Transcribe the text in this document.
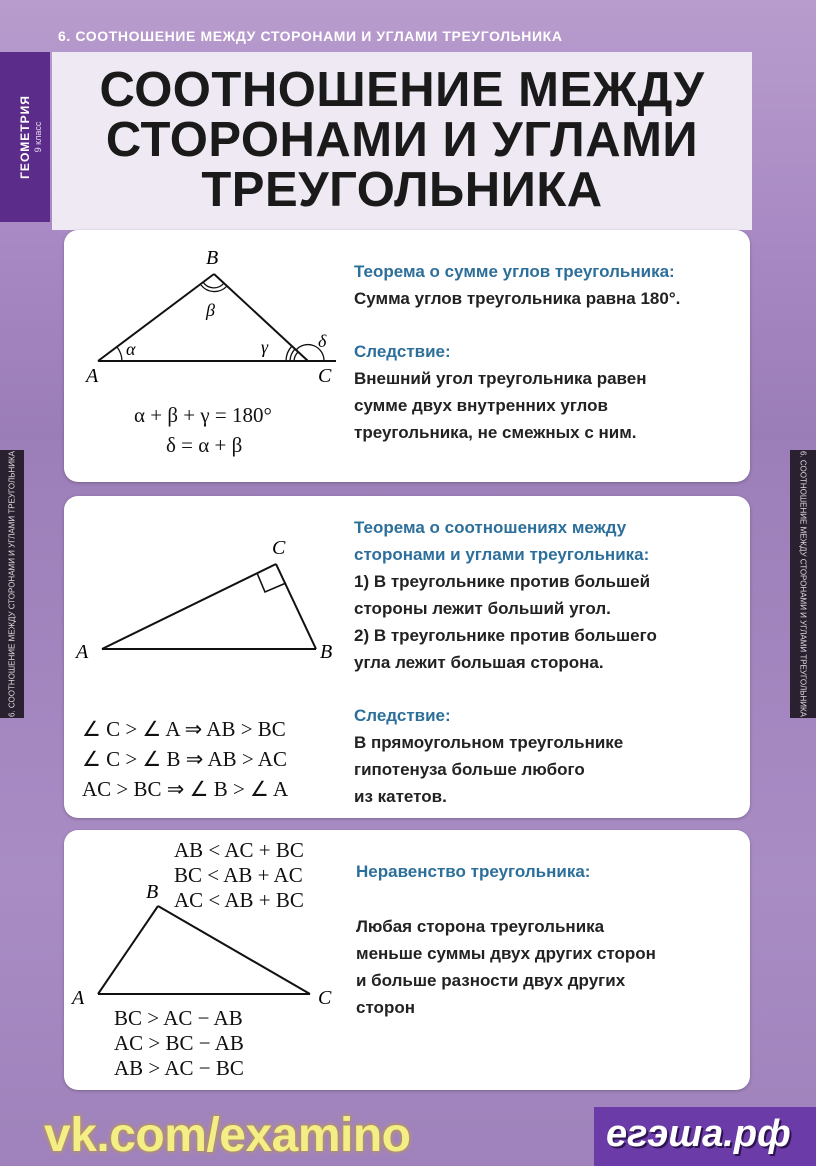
6. СООТНОШЕНИЕ МЕЖДУ СТОРОНАМИ И УГЛАМИ ТРЕУГОЛЬНИКА
ГЕОМЕТРИЯ 9 класс
СООТНОШЕНИЕ МЕЖДУ
СТОРОНАМИ И УГЛАМИ
ТРЕУГОЛЬНИКА
6. СООТНОШЕНИЕ МЕЖДУ СТОРОНАМИ И УГЛАМИ ТРЕУГОЛЬНИКА	6. СООТНОШЕНИЕ МЕЖДУ СТОРОНАМИ И УГЛАМИ ТРЕУГОЛЬНИКА
A
B
C
α
β
γ	δ
α + β + γ = 180°
δ = α + β
Теорема о сумме углов треугольника:
Сумма углов треугольника равна 180°.
Следствие:
Внешний угол треугольника равен
сумме двух внутренних углов
треугольника, не смежных с ним.
A
C
B
∠ C > ∠ A ⇒ AB > BC
∠ C > ∠ B ⇒ AB > AC
AC > BC ⇒ ∠ B > ∠ A
Теорема о соотношениях между
сторонами и углами треугольника:
1) В треугольнике против большей
стороны лежит больший угол.
2) В треугольнике против большего
угла лежит большая сторона.
Следствие:
В прямоугольном треугольнике
гипотенуза больше любого
из катетов.
AB < AC + BC
BC < AB + AC
AC < AB + BC
A
B
C
BC > AC − AB
AC > BC − AB
AB > AC − BC
Неравенство треугольника:
Любая сторона треугольника
меньше суммы двух других сторон
и больше разности двух других
сторон
vk.com/examino	егэша.рф
